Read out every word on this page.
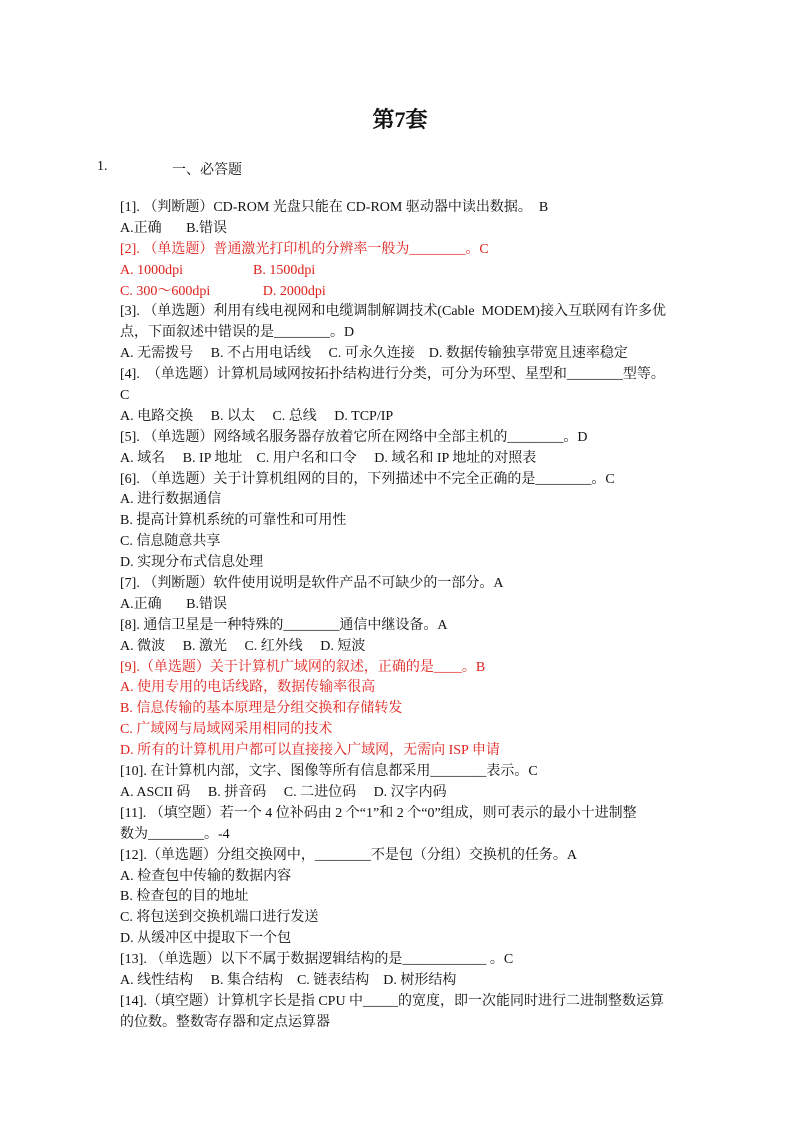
第7套
1.	一、必答题
[1]. （判断题）CD-ROM 光盘只能在 CD-ROM 驱动器中读出数据。  B
A.正确       B.错误
[2]. （单选题）普通激光打印机的分辨率一般为________。C
A. 1000dpi                    B. 1500dpi
C. 300～600dpi               D. 2000dpi
[3]. （单选题）利用有线电视网和电缆调制解调技术(Cable  MODEM)接入互联网有许多优
点，下面叙述中错误的是________。D
A. 无需拨号     B. 不占用电话线     C. 可永久连接    D. 数据传输独享带宽且速率稳定
[4].  （单选题）计算机局域网按拓扑结构进行分类，可分为环型、星型和________型等。
C
A. 电路交换     B. 以太     C. 总线     D. TCP/IP
[5]. （单选题）网络域名服务器存放着它所在网络中全部主机的________。D
A. 域名     B. IP 地址    C. 用户名和口令     D. 域名和 IP 地址的对照表
[6]. （单选题）关于计算机组网的目的，下列描述中不完全正确的是________。C
A. 进行数据通信
B. 提高计算机系统的可靠性和可用性
C. 信息随意共享
D. 实现分布式信息处理
[7]. （判断题）软件使用说明是软件产品不可缺少的一部分。A
A.正确       B.错误
[8]. 通信卫星是一种特殊的________通信中继设备。A
A. 微波     B. 激光     C. 红外线     D. 短波
[9].（单选题）关于计算机广域网的叙述，正确的是____。B
A. 使用专用的电话线路，数据传输率很高
B. 信息传输的基本原理是分组交换和存储转发
C. 广域网与局域网采用相同的技术
D. 所有的计算机用户都可以直接接入广域网，无需向 ISP 申请
[10]. 在计算机内部，文字、图像等所有信息都采用________表示。C
A. ASCII 码     B. 拼音码     C. 二进位码     D. 汉字内码
[11]. （填空题）若一个 4 位补码由 2 个“1”和 2 个“0”组成，则可表示的最小十进制整
数为________。-4
[12].（单选题）分组交换网中，________不是包（分组）交换机的任务。A
A. 检查包中传输的数据内容
B. 检查包的目的地址
C. 将包送到交换机端口进行发送
D. 从缓冲区中提取下一个包
[13]. （单选题）以下不属于数据逻辑结构的是____________ 。C
A. 线性结构     B. 集合结构    C. 链表结构    D. 树形结构
[14].（填空题）计算机字长是指 CPU 中_____的宽度，即一次能同时进行二进制整数运算
的位数。整数寄存器和定点运算器
